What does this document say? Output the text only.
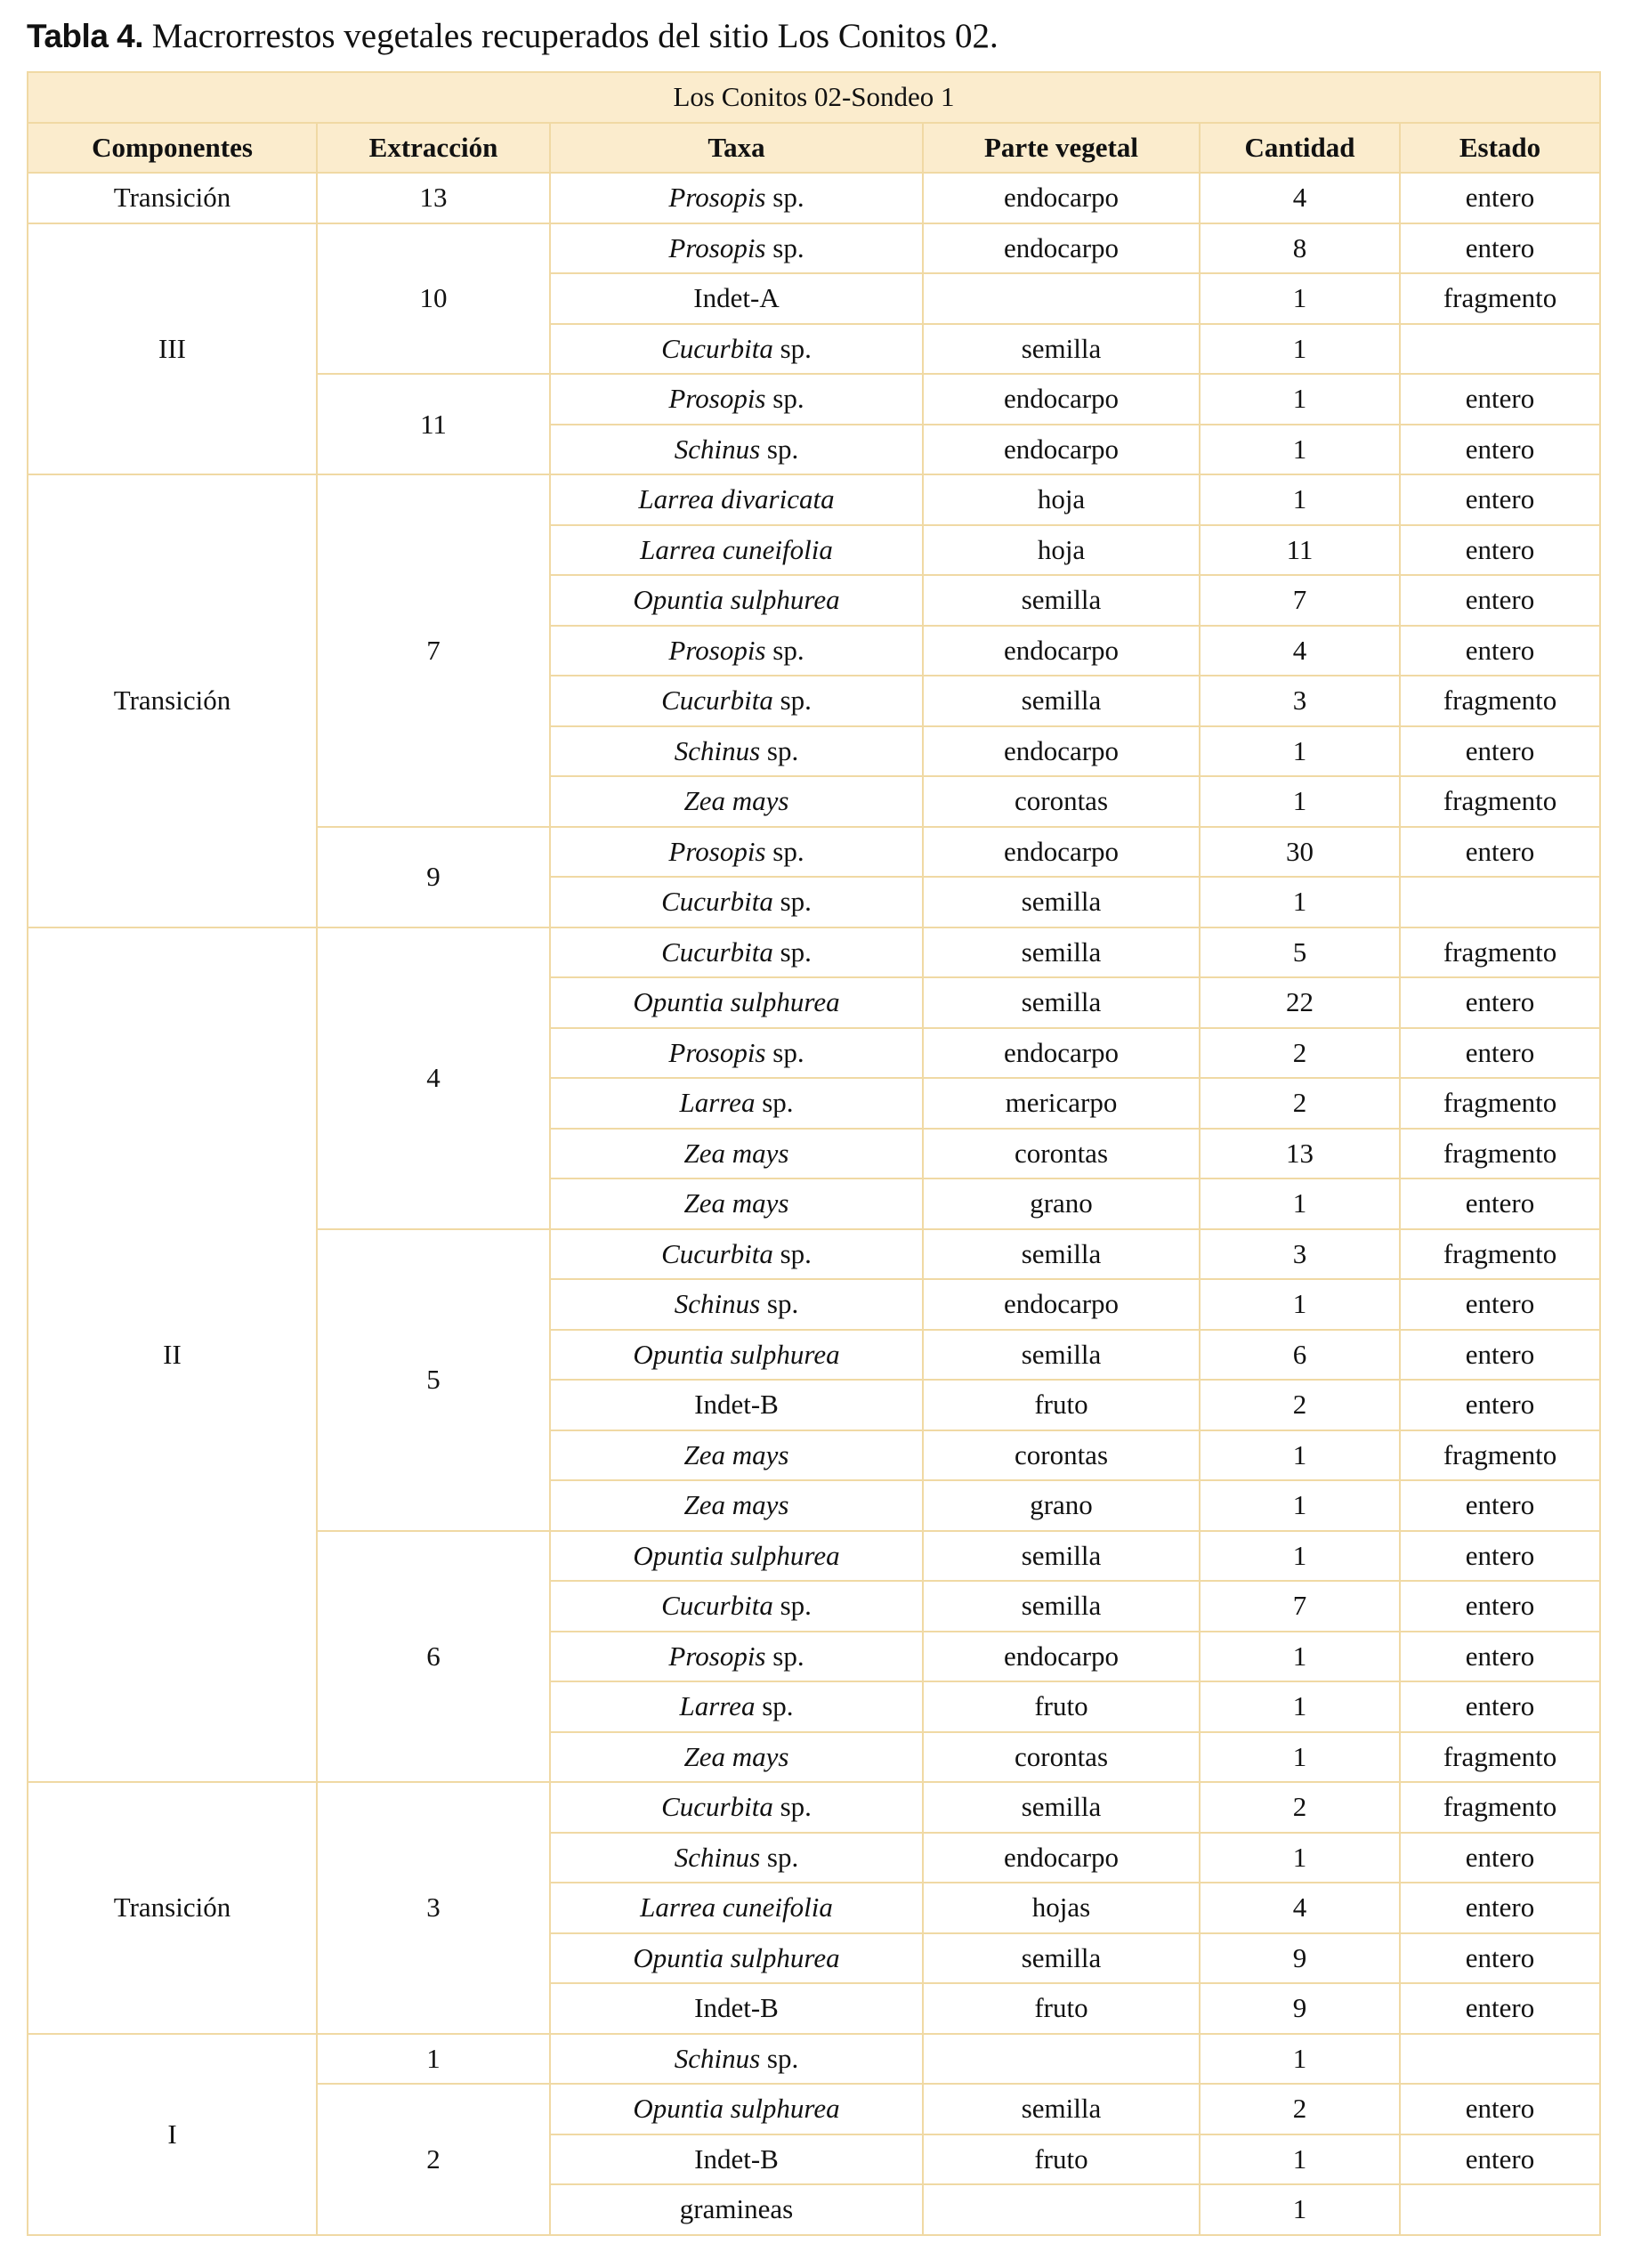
Tabla 4. Macrorrestos vegetales recuperados del sitio Los Conitos 02.
Los Conitos 02-Sondeo 1					
Componentes	Extracción	Taxa	Parte vegetal	Cantidad	Estado
Transición	13	Prosopis sp.	endocarpo	4	entero
III	10	Prosopis sp.	endocarpo	8	entero
		Indet-A		1	fragmento
		Cucurbita sp.	semilla	1	
	11	Prosopis sp.	endocarpo	1	entero
		Schinus sp.	endocarpo	1	entero
Transición	7	Larrea divaricata	hoja	1	entero
		Larrea cuneifolia	hoja	11	entero
		Opuntia sulphurea	semilla	7	entero
		Prosopis sp.	endocarpo	4	entero
		Cucurbita sp.	semilla	3	fragmento
		Schinus sp.	endocarpo	1	entero
		Zea mays	corontas	1	fragmento
	9	Prosopis sp.	endocarpo	30	entero
		Cucurbita sp.	semilla	1	
II	4	Cucurbita sp.	semilla	5	fragmento
		Opuntia sulphurea	semilla	22	entero
		Prosopis sp.	endocarpo	2	entero
		Larrea sp.	mericarpo	2	fragmento
		Zea mays	corontas	13	fragmento
		Zea mays	grano	1	entero
	5	Cucurbita sp.	semilla	3	fragmento
		Schinus sp.	endocarpo	1	entero
		Opuntia sulphurea	semilla	6	entero
		Indet-B	fruto	2	entero
		Zea mays	corontas	1	fragmento
		Zea mays	grano	1	entero
	6	Opuntia sulphurea	semilla	1	entero
		Cucurbita sp.	semilla	7	entero
		Prosopis sp.	endocarpo	1	entero
		Larrea sp.	fruto	1	entero
		Zea mays	corontas	1	fragmento
Transición	3	Cucurbita sp.	semilla	2	fragmento
		Schinus sp.	endocarpo	1	entero
		Larrea cuneifolia	hojas	4	entero
		Opuntia sulphurea	semilla	9	entero
		Indet-B	fruto	9	entero
I	1	Schinus sp.		1	
	2	Opuntia sulphurea	semilla	2	entero
		Indet-B	fruto	1	entero
		gramineas		1	
